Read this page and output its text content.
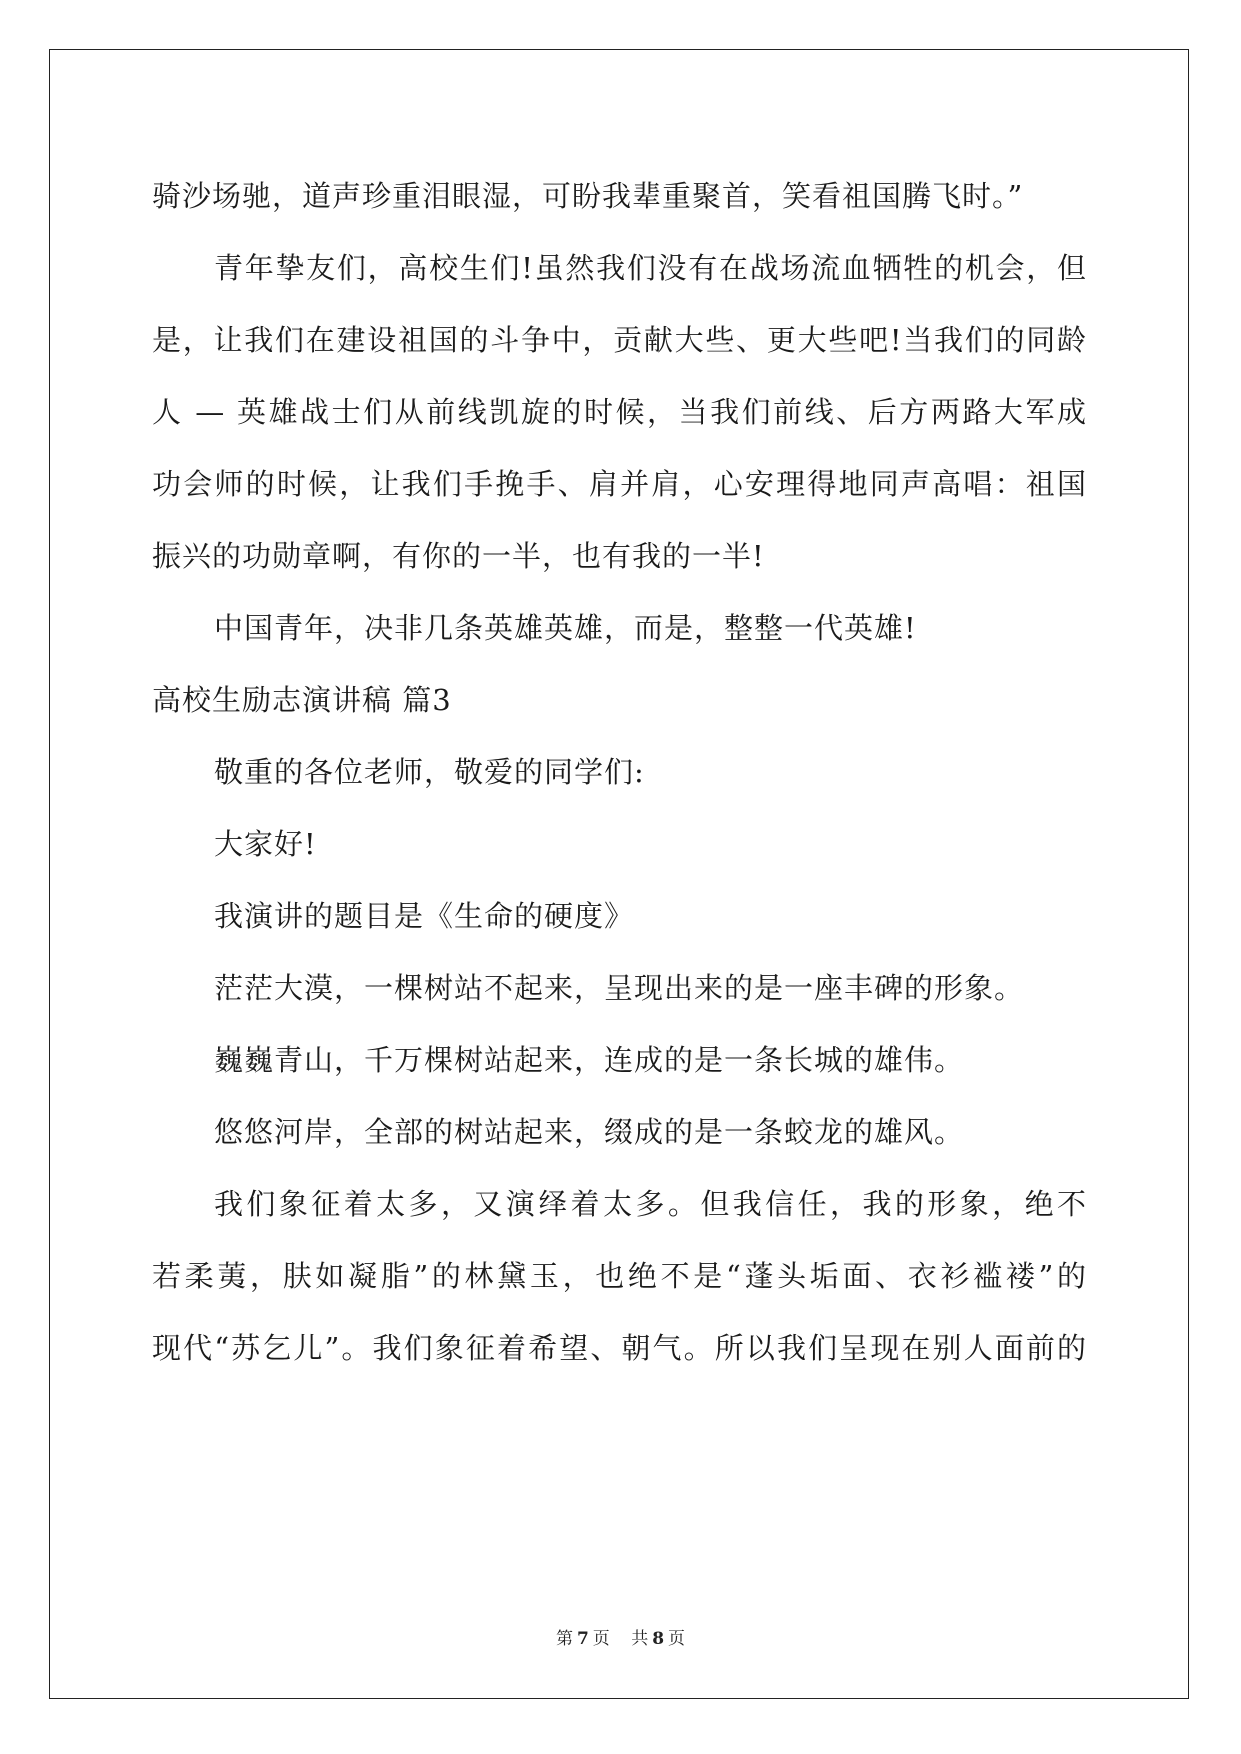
骑沙场驰，道声珍重泪眼湿，可盼我辈重聚首，笑看祖国腾飞时。”
青年挚友们，高校生们!虽然我们没有在战场流血牺牲的机会，但
是，让我们在建设祖国的斗争中，贡献大些、更大些吧!当我们的同龄
人 — 英雄战士们从前线凯旋的时候，当我们前线、后方两路大军成
功会师的时候，让我们手挽手、肩并肩，心安理得地同声高唱：祖国
振兴的功勋章啊，有你的一半，也有我的一半!
中国青年，决非几条英雄英雄，而是，整整一代英雄!
高校生励志演讲稿 篇3
敬重的各位老师，敬爱的同学们:
大家好!
我演讲的题目是《生命的硬度》
茫茫大漠，一棵树站不起来，呈现出来的是一座丰碑的形象。
巍巍青山，千万棵树站起来，连成的是一条长城的雄伟。
悠悠河岸，全部的树站起来，缀成的是一条蛟龙的雄风。
我们象征着太多，又演绎着太多。但我信任，我的形象，绝不
若柔荑，肤如凝脂”的林黛玉，也绝不是“蓬头垢面、衣衫褴褛”的
现代“苏乞儿”。我们象征着希望、朝气。所以我们呈现在别人面前的
第 7 页 共 8 页
